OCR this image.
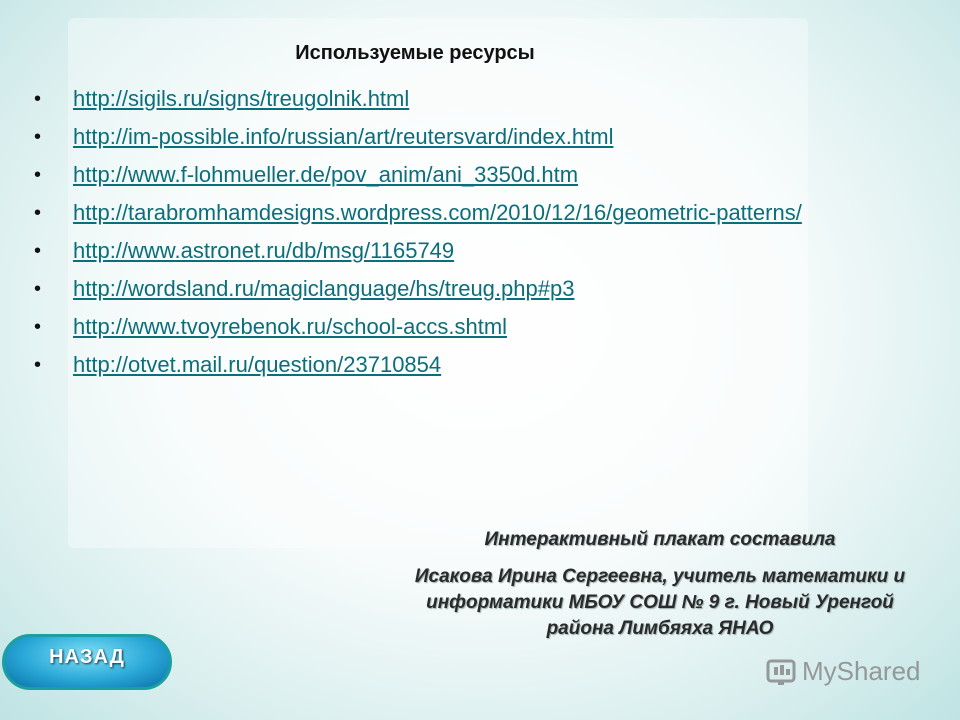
Используемые ресурсы
• http://sigils.ru/signs/treugolnik.html
• http://im-possible.info/russian/art/reutersvard/index.html
• http://www.f-lohmueller.de/pov_anim/ani_3350d.htm
• http://tarabromhamdesigns.wordpress.com/2010/12/16/geometric-patterns/
• http://www.astronet.ru/db/msg/1165749
• http://wordsland.ru/magiclanguage/hs/treug.php#p3
• http://www.tvoyrebenok.ru/school-accs.shtml
• http://otvet.mail.ru/question/23710854
Интерактивный плакат составила
Исакова Ирина Сергеевна, учитель математики и информатики МБОУ СОШ № 9 г. Новый Уренгой района Лимбяяха ЯНАО
НАЗАД	MyShared
